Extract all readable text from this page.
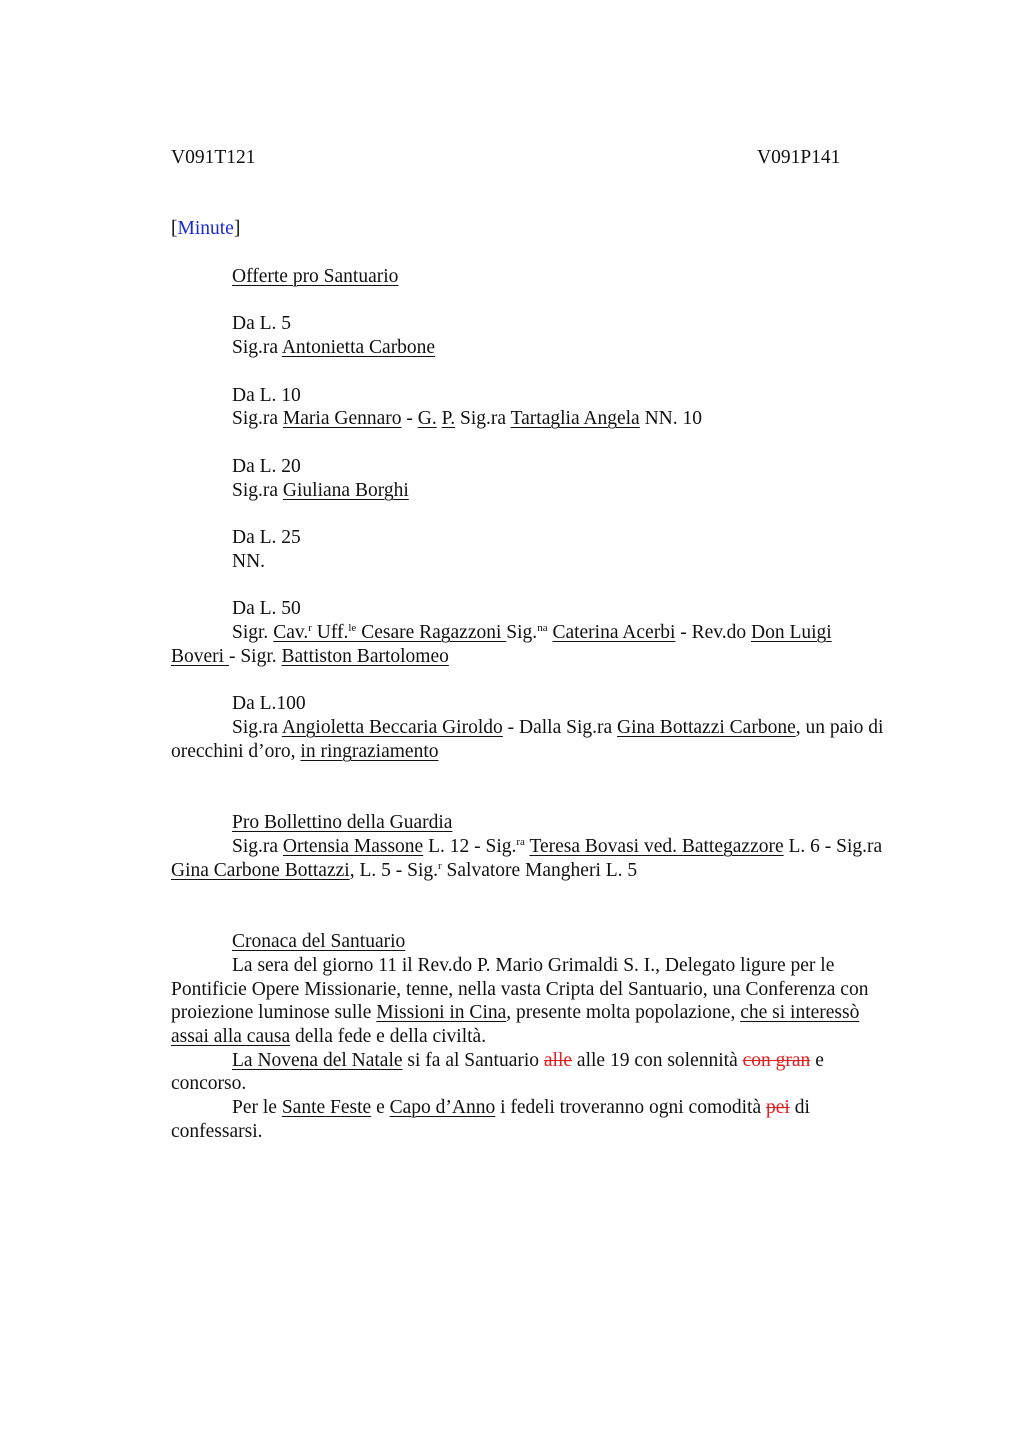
V091T121	V091P141
[Minute]
Offerte pro Santuario
Da L. 5
Sig.ra Antonietta Carbone
Da L. 10
Sig.ra Maria Gennaro - G. P. Sig.ra Tartaglia Angela NN. 10
Da L. 20
Sig.ra Giuliana Borghi
Da L. 25
NN.
Da L. 50
Sigr. Cav.$^r$ Uff.$^{le}$ Cesare Ragazzoni Sig.$^{na}$ Caterina Acerbi - Rev.do Don Luigi
Boveri - Sigr. Battiston Bartolomeo
Da L.100
Sig.ra Angioletta Beccaria Giroldo - Dalla Sig.ra Gina Bottazzi Carbone, un paio di
orecchini d’oro, in ringraziamento
Pro Bollettino della Guardia
Sig.ra Ortensia Massone L. 12 - Sig.$^{ra}$ Teresa Bovasi ved. Battegazzore L. 6 - Sig.ra
Gina Carbone Bottazzi, L. 5 - Sig.$^r$ Salvatore Mangheri L. 5
Cronaca del Santuario
La sera del giorno 11 il Rev.do P. Mario Grimaldi S. I., Delegato ligure per le
Pontificie Opere Missionarie, tenne, nella vasta Cripta del Santuario, una Conferenza con
proiezione luminose sulle Missioni in Cina, presente molta popolazione, che si interessò
assai alla causa della fede e della civiltà.
La Novena del Natale si fa al Santuario alle alle 19 con solennità con gran e
concorso.
Per le Sante Feste e Capo d’Anno i fedeli troveranno ogni comodità pei di
confessarsi.
